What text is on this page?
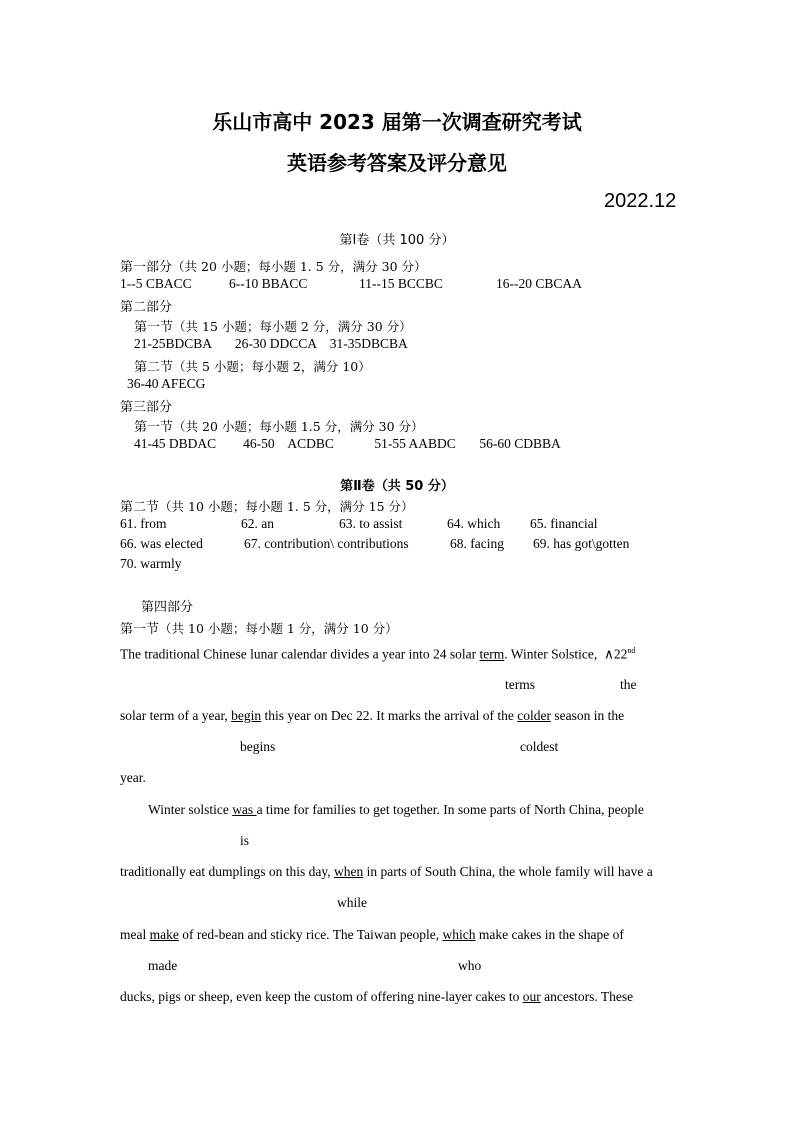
乐山市高中 2023 届第一次调查研究考试
英语参考答案及评分意见
2022.12
第Ⅰ卷（共 100 分）
第一部分（共 20 小题；每小题 1. 5 分，满分 30 分）
1--5 CBACC	6--10 BBACC	11--15 BCCBC	16--20 CBCAA
第二部分
第一节（共 15 小题；每小题 2 分，满分 30 分）
21-25BDCBA       26-30 DDCCA    31-35DBCBA
第二节（共 5 小题；每小题 2，满分 10）
36-40 AFECG
第三部分
第一节（共 20 小题；每小题 1.5 分，满分 30 分）
41-45 DBDAC        46-50    ACDBC            51-55 AABDC       56-60 CDBBA
第Ⅱ卷（共 50 分）
第二节（共 10 小题；每小题 1. 5 分，满分 15 分）
61. from	62. an	63. to assist	64. which 65. financial
66. was elected	67. contribution\ contributions	68. facing 69. has got\gotten
70. warmly
第四部分
第一节（共 10 小题；每小题 1 分，满分 10 分）
The traditional Chinese lunar calendar divides a year into 24 solar term. Winter Solstice,  ∧22nd
terms	the
solar term of a year, begin this year on Dec 22. It marks the arrival of the colder season in the
begins	coldest
year.
Winter solstice was a time for families to get together. In some parts of North China, people
is
traditionally eat dumplings on this day, when in parts of South China, the whole family will have a
while
meal make of red-bean and sticky rice. The Taiwan people, which make cakes in the shape of
made	who
ducks, pigs or sheep, even keep the custom of offering nine-layer cakes to our ancestors. These
